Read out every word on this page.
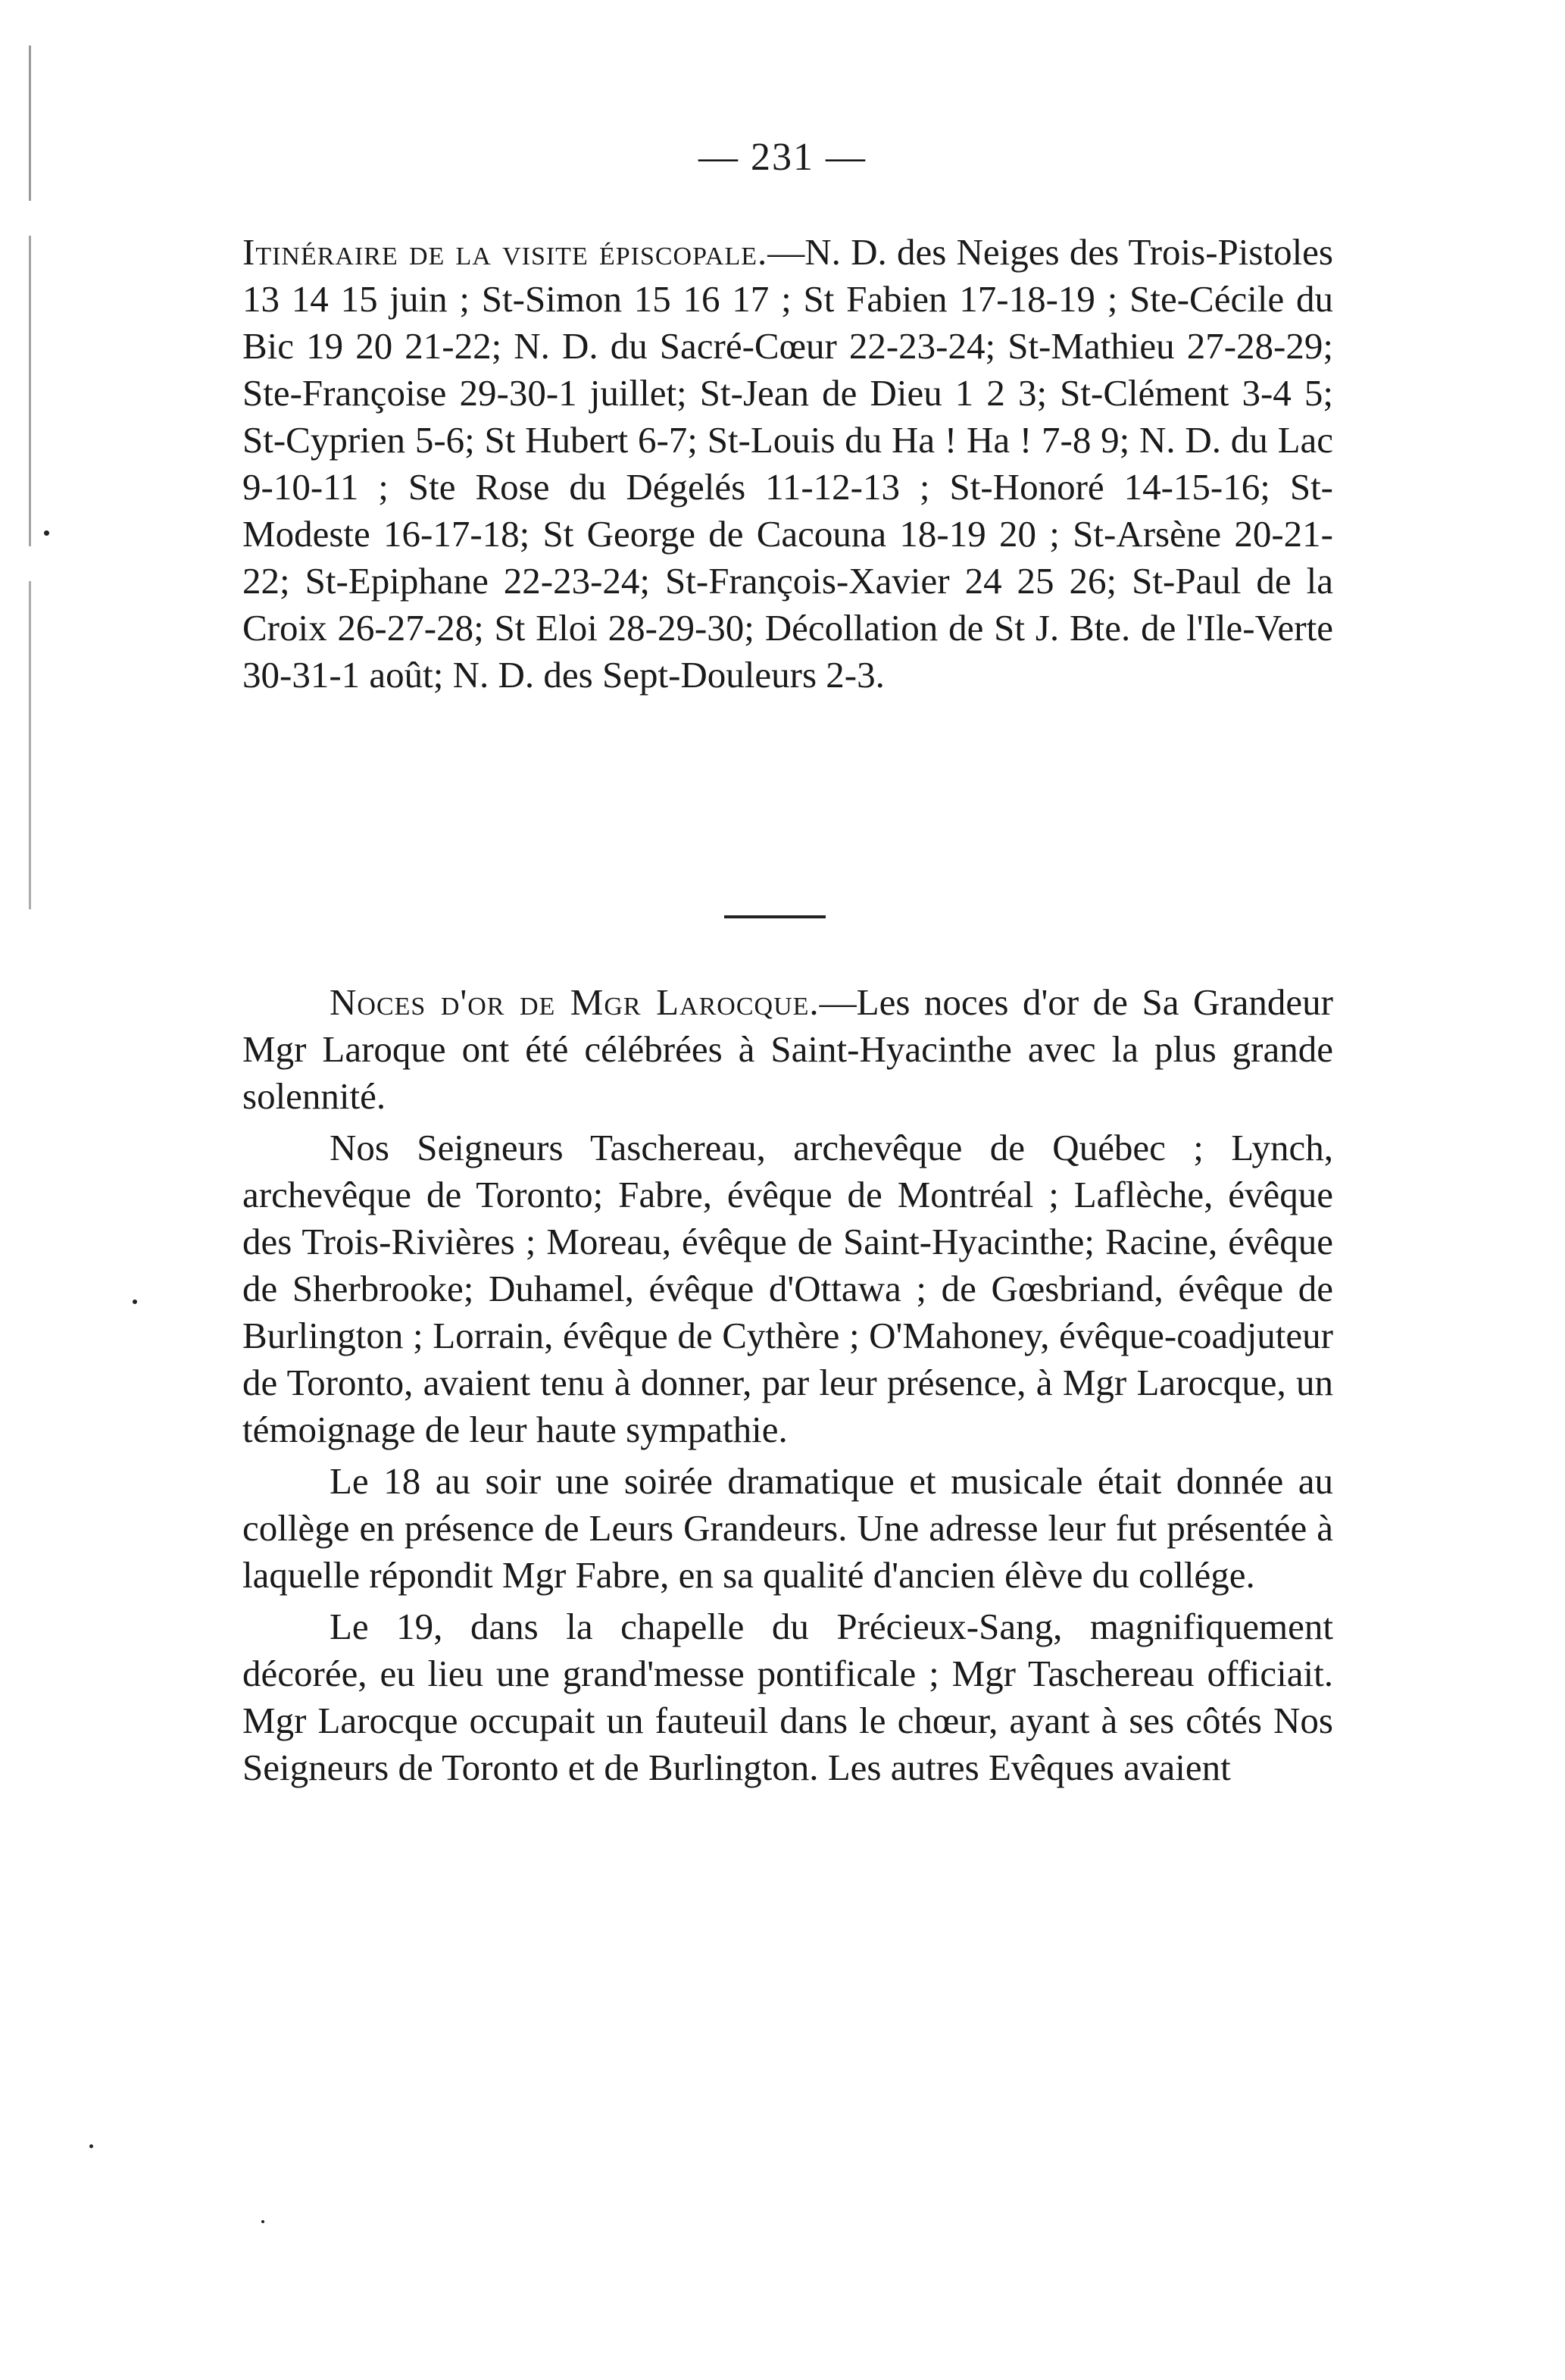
— 231 —

Itinéraire de la visite épiscopale.—N. D. des Neiges des Trois-Pistoles 13 14 15 juin ; St-Simon 15 16 17 ; St Fabien 17-18-19 ; Ste-Cécile du Bic 19 20 21-22; N. D. du Sacré-Cœur 22-23-24; St-Mathieu 27-28-29; Ste-Françoise 29-30-1 juillet; St-Jean de Dieu 1 2 3; St-Clément 3-4 5; St-Cyprien 5-6; St Hubert 6-7; St-Louis du Ha ! Ha ! 7-8 9; N. D. du Lac 9-10-11 ; Ste Rose du Dégelés 11-12-13 ; St-Honoré 14-15-16; St-Modeste 16-17-18; St George de Cacouna 18-19 20 ; St-Arsène 20-21-22; St-Epiphane 22-23-24; St-François-Xavier 24 25 26; St-Paul de la Croix 26-27-28; St Eloi 28-29-30; Décollation de St J. Bte. de l'Ile-Verte 30-31-1 août; N. D. des Sept-Douleurs 2-3.

Noces d'or de Mgr Larocque.—Les noces d'or de Sa Grandeur Mgr Laroque ont été célébrées à Saint-Hyacinthe avec la plus grande solennité.

Nos Seigneurs Taschereau, archevêque de Québec ; Lynch, archevêque de Toronto; Fabre, évêque de Montréal ; Laflèche, évêque des Trois-Rivières ; Moreau, évêque de Saint-Hyacinthe; Racine, évêque de Sherbrooke; Duhamel, évêque d'Ottawa ; de Gœsbriand, évêque de Burlington ; Lorrain, évêque de Cythère ; O'Mahoney, évêque-coadjuteur de Toronto, avaient tenu à donner, par leur présence, à Mgr Larocque, un témoignage de leur haute sympathie.

Le 18 au soir une soirée dramatique et musicale était donnée au collège en présence de Leurs Grandeurs. Une adresse leur fut présentée à laquelle répondit Mgr Fabre, en sa qualité d'ancien élève du collége.

Le 19, dans la chapelle du Précieux-Sang, magnifiquement décorée, eu lieu une grand'messe pontificale ; Mgr Taschereau officiait. Mgr Larocque occupait un fauteuil dans le chœur, ayant à ses côtés Nos Seigneurs de Toronto et de Burlington. Les autres Evêques avaient
